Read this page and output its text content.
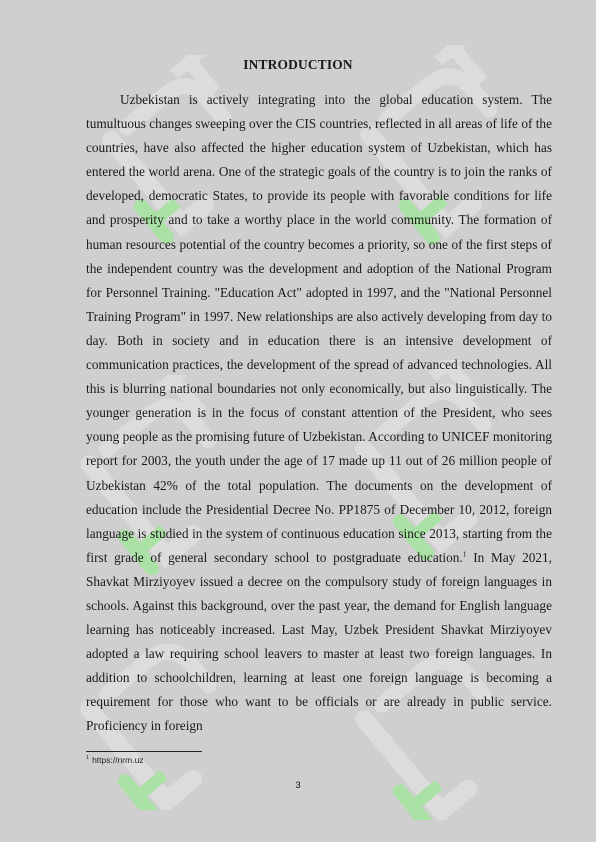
INTRODUCTION

Uzbekistan is actively integrating into the global education system. The tumultuous changes sweeping over the CIS countries, reflected in all areas of life of the countries, have also affected the higher education system of Uzbekistan, which has entered the world arena. One of the strategic goals of the country is to join the ranks of developed, democratic States, to provide its people with favorable conditions for life and prosperity and to take a worthy place in the world community. The formation of human resources potential of the country becomes a priority, so one of the first steps of the independent country was the development and adoption of the National Program for Personnel Training. "Education Act" adopted in 1997, and the "National Personnel Training Program" in 1997. New relationships are also actively developing from day to day. Both in society and in education there is an intensive development of communication practices, the development of the spread of advanced technologies. All this is blurring national boundaries not only economically, but also linguistically. The younger generation is in the focus of constant attention of the President, who sees young people as the promising future of Uzbekistan. According to UNICEF monitoring report for 2003, the youth under the age of 17 made up 11 out of 26 million people of Uzbekistan 42% of the total population. The documents on the development of education include the Presidential Decree No. PP1875 of December 10, 2012, foreign language is studied in the system of continuous education since 2013, starting from the first grade of general secondary school to postgraduate education.$^1$ In May 2021, Shavkat Mirziyoyev issued a decree on the compulsory study of foreign languages in schools. Against this background, over the past year, the demand for English language learning has noticeably increased. Last May, Uzbek President Shavkat Mirziyoyev adopted a law requiring school leavers to master at least two foreign languages. In addition to schoolchildren, learning at least one foreign language is becoming a requirement for those who want to be officials or are already in public service. Proficiency in foreign

$^1$ https://nrm.uz
3
